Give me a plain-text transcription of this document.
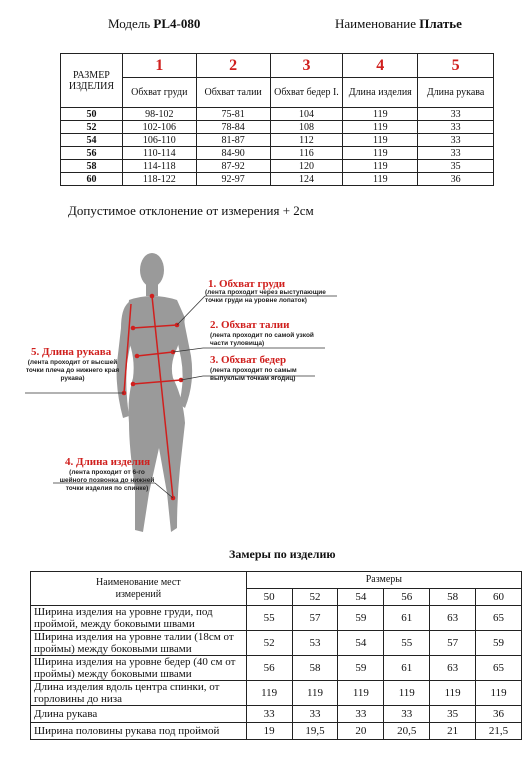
Модель PL4-080	Наименование Платье
РАЗМЕР ИЗДЕЛИЯ	1	2	3	4	5
	Обхват груди	Обхват талии	Обхват бедер I.	Длина изделия	Длина рукава
50	98-102	75-81	104	119	33
52	102-106	78-84	108	119	33
54	106-110	81-87	112	119	33
56	110-114	84-90	116	119	33
58	114-118	87-92	120	119	35
60	118-122	92-97	124	119	36
Допустимое отклонение от измерения + 2см
1. Обхват груди
(лента проходит через выступающие точки груди на уровне лопаток)
2. Обхват талии
(лента проходит по самой узкой части туловища)
3. Обхват бедер
(лента проходит по самым выпуклым точкам ягодиц)
4. Длина изделия
(лента проходит от 6-го шейного позвонка до нижней точки изделия по спинке)
5. Длина рукава
(лента проходит от высшей точки плеча до нижнего края рукава)
Замеры по изделию
Наименование мест измерений	Размеры					
	50	52	54	56	58	60
Ширина изделия на уровне груди, под проймой, между боковыми швами	55	57	59	61	63	65
Ширина изделия на уровне талии (18см от проймы) между боковыми швами	52	53	54	55	57	59
Ширина изделия на уровне бедер (40 см от проймы) между боковыми швами	56	58	59	61	63	65
Длина изделия вдоль центра спинки, от горловины до низа	119	119	119	119	119	119
Длина рукава	33	33	33	33	35	36
Ширина половины рукава под проймой	19	19,5	20	20,5	21	21,5
